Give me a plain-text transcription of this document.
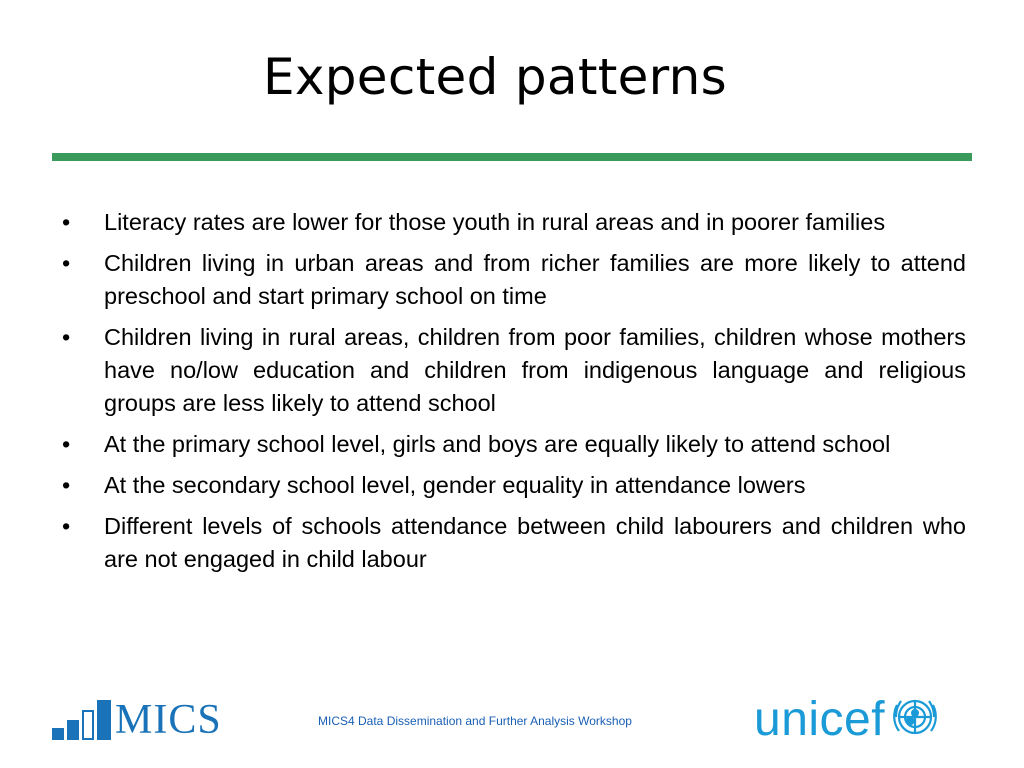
Expected patterns
• Literacy rates are lower for those youth in rural areas and in poorer families
• Children living in urban areas and from richer families are more likely to attend preschool and start primary school on time
• Children living in rural areas, children from poor families, children whose mothers have no/low education and children from indigenous language and religious groups are less likely to attend school
• At the primary school level, girls and boys are equally likely to attend school
• At the secondary school level, gender equality in attendance lowers
• Different levels of schools attendance between child labourers and children who are not engaged in child labour
MICS	MICS4 Data Dissemination and Further Analysis Workshop	unicef
